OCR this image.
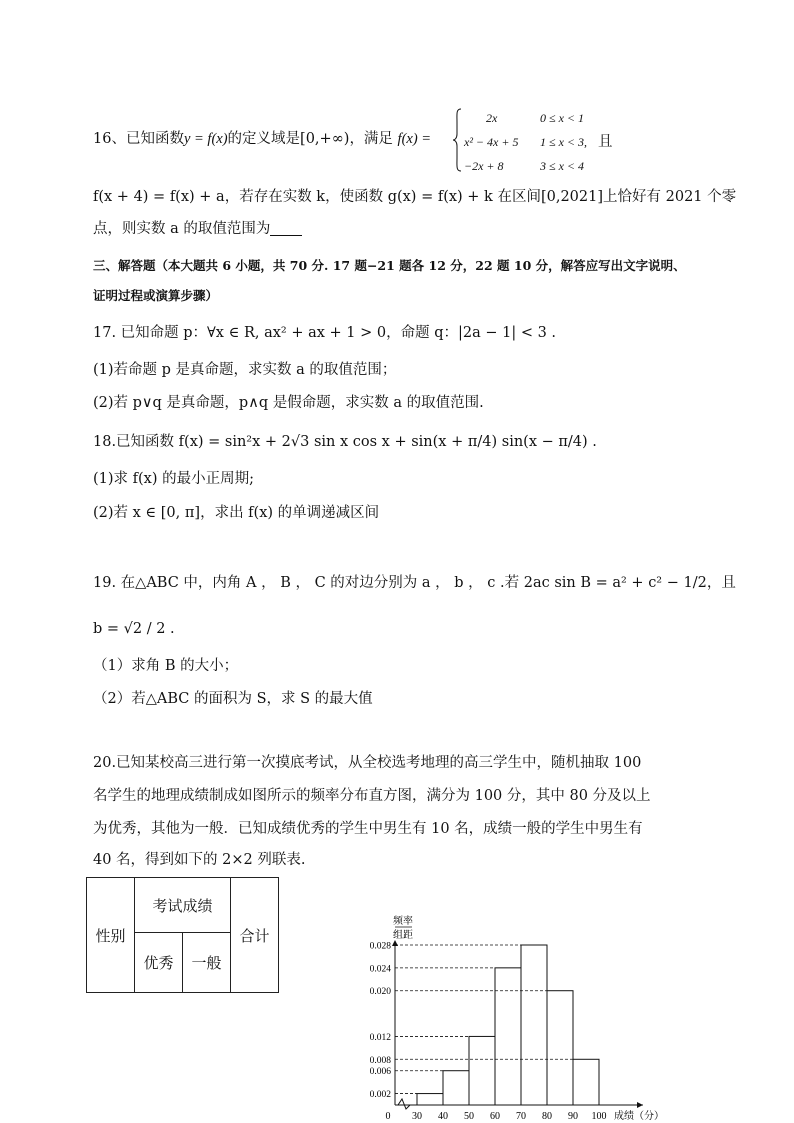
16、已知函数y = f(x)的定义域是[0,+∞)，满足 f(x) =
2x	0 ≤ x < 1
x² − 4x + 5 1 ≤ x < 3, 且
−2x + 8	3 ≤ x < 4
f(x + 4) = f(x) + a，若存在实数 k，使函数 g(x) = f(x) + k 在区间[0,2021]上恰好有 2021 个零
点，则实数 a 的取值范围为
三、解答题（本大题共 6 小题，共 70 分. 17 题−21 题各 12 分，22 题 10 分，解答应写出文字说明、
证明过程或演算步骤）
17. 已知命题 p：∀x ∈ R, ax² + ax + 1 > 0，命题 q：|2a − 1| < 3 .
(1)若命题 p 是真命题，求实数 a 的取值范围；
(2)若 p∨q 是真命题，p∧q 是假命题，求实数 a 的取值范围.
18.已知函数 f(x) = sin²x + 2√3 sin x cos x + sin(x + π/4) sin(x − π/4) .
(1)求 f(x) 的最小正周期;
(2)若 x ∈ [0, π]，求出 f(x) 的单调递减区间
19. 在△ABC 中，内角 A ， B ， C 的对边分别为 a ， b ， c .若 2ac sin B = a² + c² − 1/2，且
b = √2 / 2 .
（1）求角 B 的大小；
（2）若△ABC 的面积为 S，求 S 的最大值
20.已知某校高三进行第一次摸底考试，从全校选考地理的高三学生中，随机抽取 100
名学生的地理成绩制成如图所示的频率分布直方图，满分为 100 分，其中 80 分及以上
为优秀，其他为一般．已知成绩优秀的学生中男生有 10 名，成绩一般的学生中男生有
40 名，得到如下的 2×2 列联表.
性别	考试成绩		合计
	优秀	一般	
0.002
0.006
0.008
0.012
0.020
0.024
0.028
30 40 50 60 70 80 90 100
频率
组距
0	成绩（分）
